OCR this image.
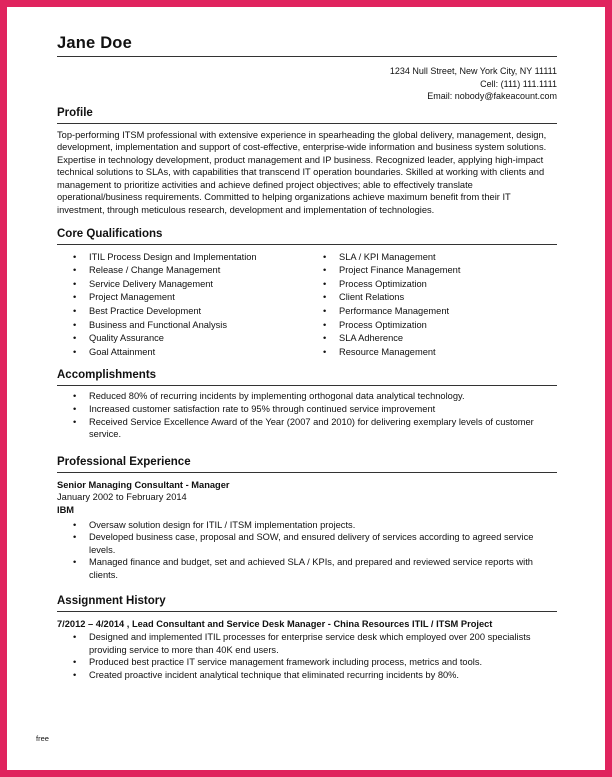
Jane Doe
1234 Null Street, New York City, NY 11111
Cell: (111) 111.1111
Email: nobody@fakeacount.com
Profile
Top-performing ITSM professional with extensive experience in spearheading the global delivery, management, design, development, implementation and support of cost-effective, enterprise-wide information and business system solutions. Expertise in technology development, product management and IP business. Recognized leader, applying high-impact technical solutions to SLAs, with capabilities that transcend IT operation boundaries. Skilled at working with clients and management to prioritize activities and achieve defined project objectives; able to effectively translate operational/business requirements. Committed to helping organizations achieve maximum benefit from their IT investment, through meticulous research, development and implementation of technologies.
Core Qualifications
• ITIL Process Design and Implementation
• Release / Change Management
• Service Delivery Management
• Project Management
• Best Practice Development
• Business and Functional Analysis
• Quality Assurance
• Goal Attainment
• SLA / KPI Management
• Project Finance Management
• Process Optimization
• Client Relations
• Performance Management
• Process Optimization
• SLA Adherence
• Resource Management
Accomplishments
• Reduced 80% of recurring incidents by implementing orthogonal data analytical technology.
• Increased customer satisfaction rate to 95% through continued service improvement
• Received Service Excellence Award of the Year (2007 and 2010) for delivering exemplary levels of customer service.
Professional Experience
Senior Managing Consultant - Manager
January 2002 to February 2014
IBM
• Oversaw solution design for ITIL / ITSM implementation projects.
• Developed business case, proposal and SOW, and ensured delivery of services according to agreed service levels.
• Managed finance and budget, set and achieved SLA / KPIs, and prepared and reviewed service reports with clients.
Assignment History
7/2012 – 4/2014 , Lead Consultant and Service Desk Manager - China Resources ITIL / ITSM Project
• Designed and implemented ITIL processes for enterprise service desk which employed over 200 specialists providing service to more than 40K end users.
• Produced best practice IT service management framework including process, metrics and tools.
• Created proactive incident analytical technique that eliminated recurring incidents by 80%.
free
